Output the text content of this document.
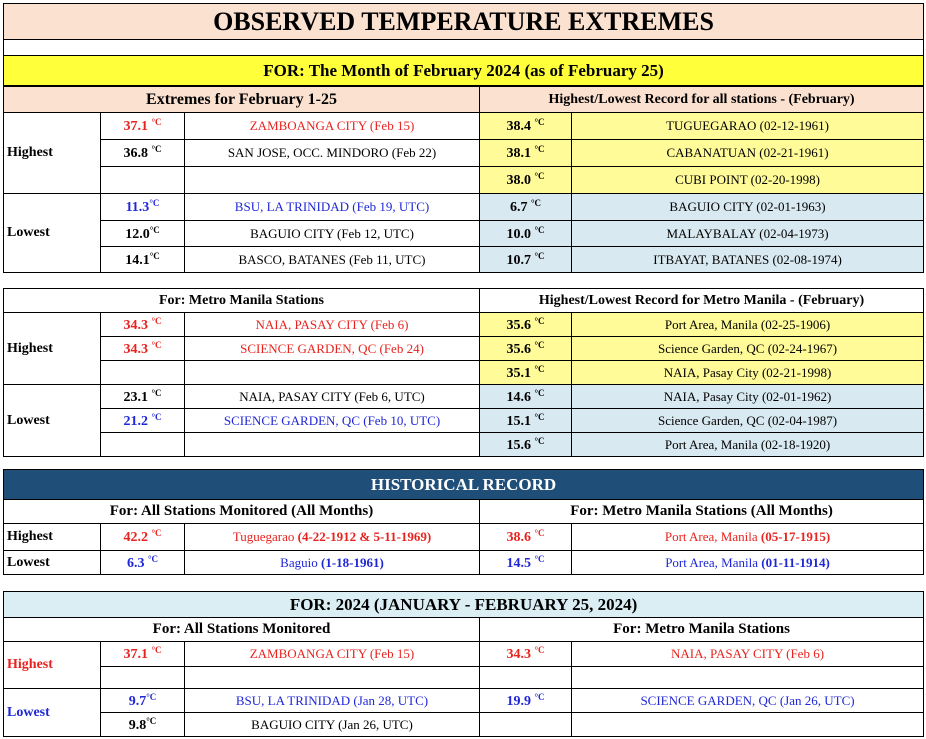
OBSERVED TEMPERATURE EXTREMES

FOR: The Month of February 2024 (as of February 25)
Extremes for February 1-25			Highest/Lowest Record for all stations - (February)	
Highest	37.1 $^{^\circ C}$	ZAMBOANGA CITY (Feb 15)	38.4 $^{^\circ C}$	TUGUEGARAO (02-12-1961)
	36.8 $^{^\circ C}$	SAN JOSE, OCC. MINDORO (Feb 22)	38.1 $^{^\circ C}$	CABANATUAN (02-21-1961)
			38.0 $^{^\circ C}$	CUBI POINT (02-20-1998)
Lowest	$11.3^{^\circ C}$	BSU, LA TRINIDAD (Feb 19, UTC)	6.7 $^{^\circ C}$	BAGUIO CITY (02-01-1963)
	$12.0^{^\circ C}$	BAGUIO CITY (Feb 12, UTC)	10.0 $^{^\circ C}$	MALAYBALAY (02-04-1973)
	$14.1^{^\circ C}$	BASCO, BATANES (Feb 11, UTC)	10.7 $^{^\circ C}$	ITBAYAT, BATANES (02-08-1974)
For: Metro Manila Stations			Highest/Lowest Record for Metro Manila - (February)	
Highest	34.3 $^{^\circ C}$	NAIA, PASAY CITY (Feb 6)	35.6 $^{^\circ C}$	Port Area, Manila (02-25-1906)
	34.3 $^{^\circ C}$	SCIENCE GARDEN, QC (Feb 24)	35.6 $^{^\circ C}$	Science Garden, QC (02-24-1967)
			35.1 $^{^\circ C}$	NAIA, Pasay City (02-21-1998)
Lowest	23.1 $^{^\circ C}$	NAIA, PASAY CITY (Feb 6, UTC)	14.6 $^{^\circ C}$	NAIA, Pasay City (02-01-1962)
	21.2 $^{^\circ C}$	SCIENCE GARDEN, QC (Feb 10, UTC)	15.1 $^{^\circ C}$	Science Garden, QC (02-04-1987)
			15.6 $^{^\circ C}$	Port Area, Manila (02-18-1920)
HISTORICAL RECORD				
For: All Stations Monitored (All Months)			For: Metro Manila Stations (All Months)	
Highest	42.2 $^{^\circ C}$	Tuguegarao (4-22-1912 & 5-11-1969)	38.6 $^{^\circ C}$	Port Area, Manila (05-17-1915)
Lowest	6.3 $^{^\circ C}$	Baguio (1-18-1961)	14.5 $^{^\circ C}$	Port Area, Manila (01-11-1914)
FOR: 2024 (JANUARY - FEBRUARY 25, 2024)				
For: All Stations Monitored			For: Metro Manila Stations	
Highest	37.1 $^{^\circ C}$	ZAMBOANGA CITY (Feb 15)	34.3 $^{^\circ C}$	NAIA, PASAY CITY (Feb 6)

Lowest	$9.7^{^\circ C}$	BSU, LA TRINIDAD (Jan 28, UTC)	19.9 $^{^\circ C}$	SCIENCE GARDEN, QC (Jan 26, UTC)
	$9.8^{^\circ C}$	BAGUIO CITY (Jan 26, UTC)		
